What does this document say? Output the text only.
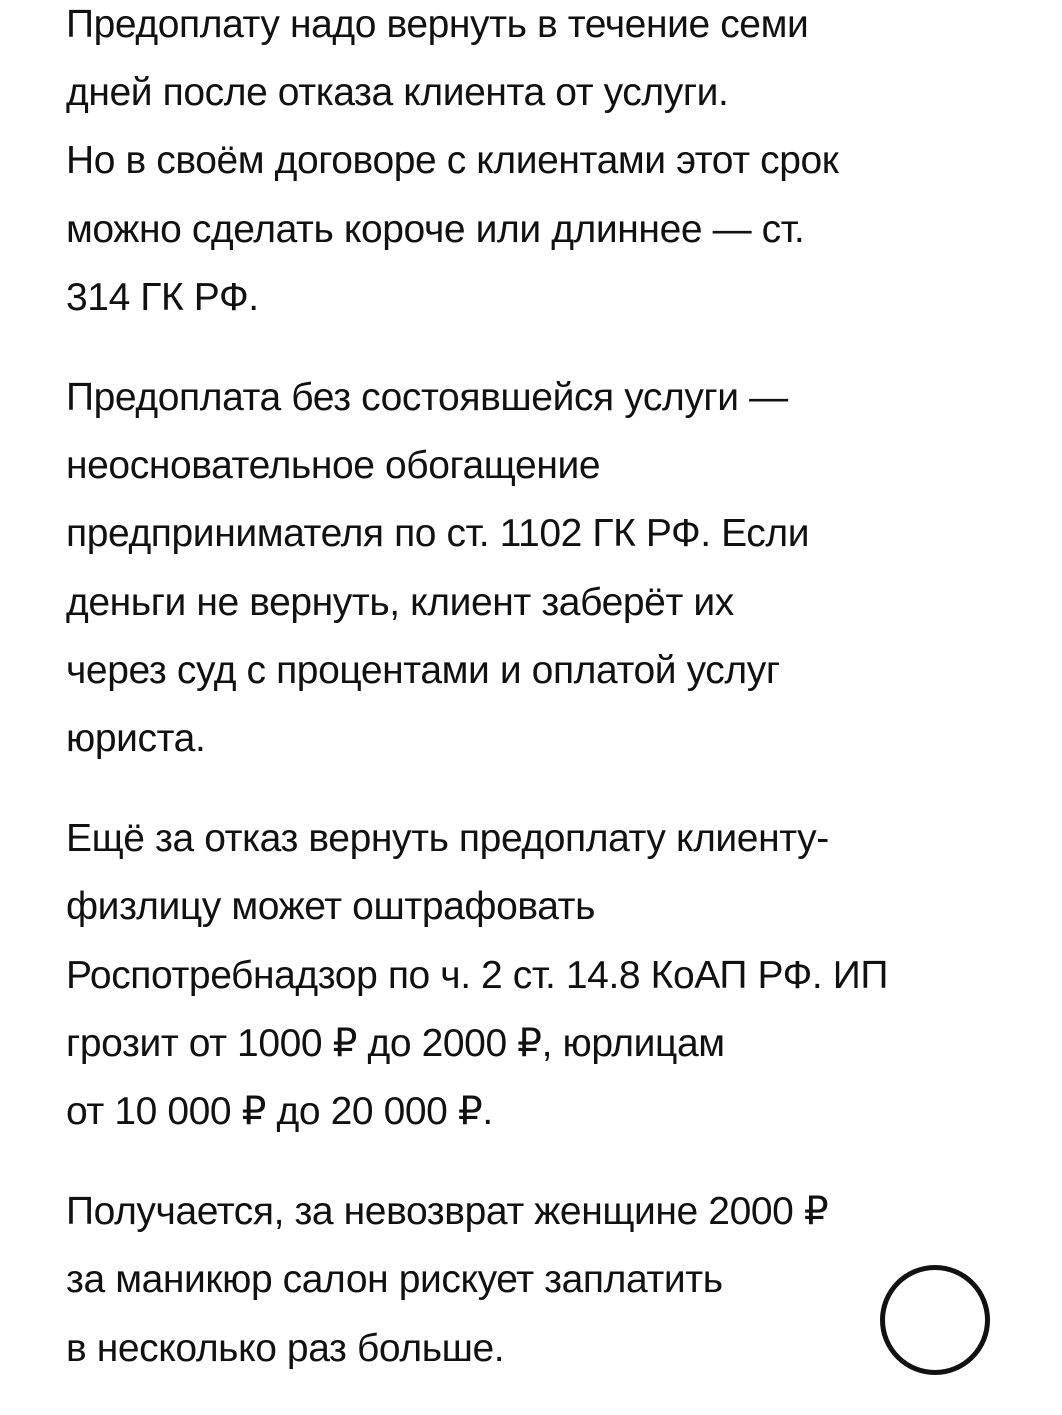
Предоплату надо вернуть в течение семи
дней после отказа клиента от услуги.
Но в своём договоре с клиентами этот срок
можно сделать короче или длиннее — ст.
314 ГК РФ.

Предоплата без состоявшейся услуги —
неосновательное обогащение
предпринимателя по ст. 1102 ГК РФ. Если
деньги не вернуть, клиент заберёт их
через суд с процентами и оплатой услуг
юриста.

Ещё за отказ вернуть предоплату клиенту-
физлицу может оштрафовать
Роспотребнадзор по ч. 2 ст. 14.8 КоАП РФ. ИП
грозит от 1000 ₽ до 2000 ₽, юрлицам
от 10 000 ₽ до 20 000 ₽.

Получается, за невозврат женщине 2000 ₽
за маникюр салон рискует заплатить
в несколько раз больше.
